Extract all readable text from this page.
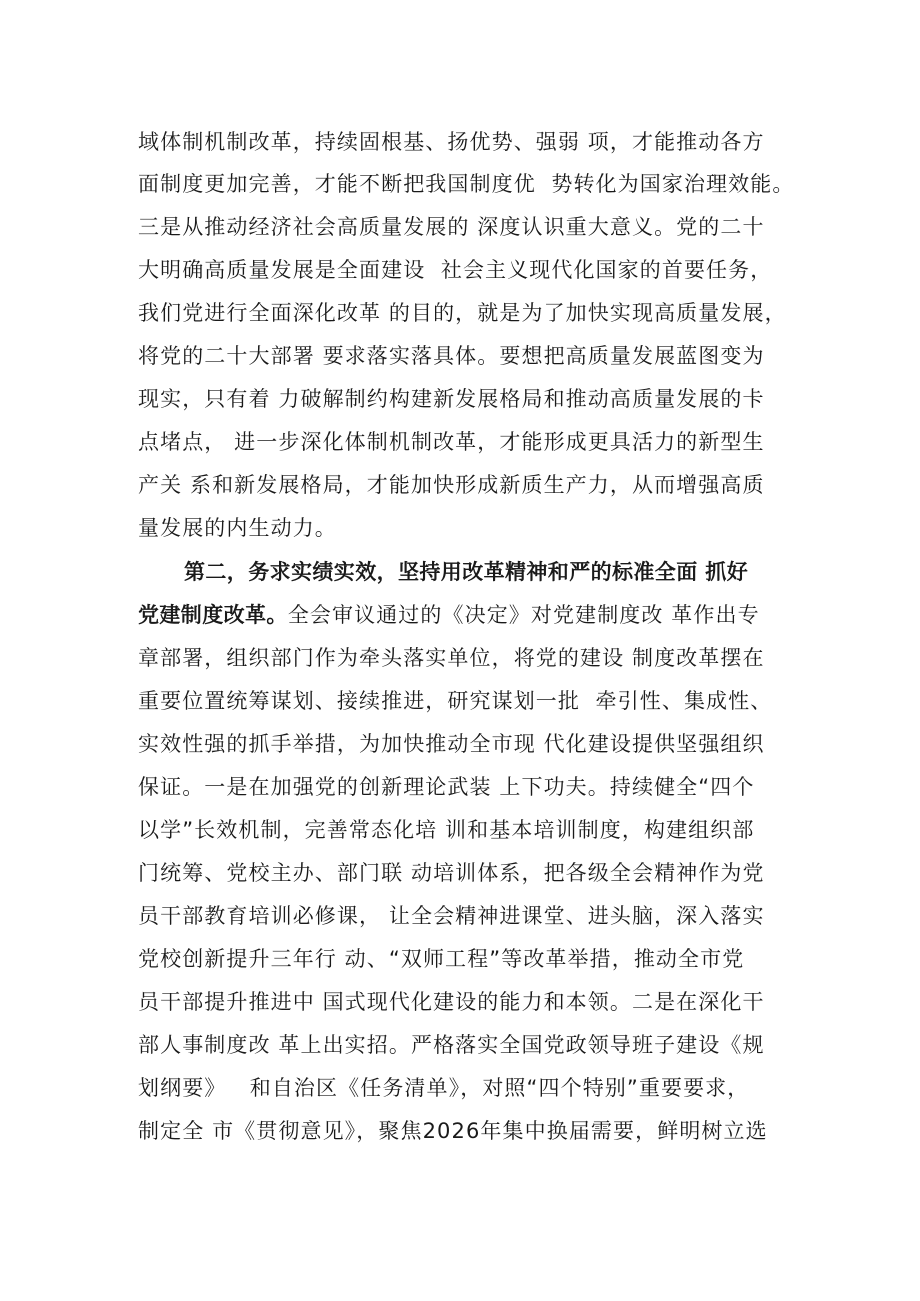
域体制机制改革，持续固根基、扬优势、强弱 项，才能推动各方
面制度更加完善，才能不断把我国制度优  势转化为国家治理效能。
三是从推动经济社会高质量发展的 深度认识重大意义。党的二十
大明确高质量发展是全面建设  社会主义现代化国家的首要任务，
我们党进行全面深化改革 的目的，就是为了加快实现高质量发展，
将党的二十大部署 要求落实落具体。要想把高质量发展蓝图变为
现实，只有着 力破解制约构建新发展格局和推动高质量发展的卡
点堵点， 进一步深化体制机制改革，才能形成更具活力的新型生
产关 系和新发展格局，才能加快形成新质生产力，从而增强高质
量发展的内生动力。
第二，务求实绩实效，坚持用改革精神和严的标准全面 抓好
党建制度改革。全会审议通过的《决定》对党建制度改 革作出专
章部署，组织部门作为牵头落实单位，将党的建设 制度改革摆在
重要位置统筹谋划、接续推进，研究谋划一批  牵引性、集成性、
实效性强的抓手举措，为加快推动全市现 代化建设提供坚强组织
保证。一是在加强党的创新理论武装 上下功夫。持续健全“四个
以学”长效机制，完善常态化培 训和基本培训制度，构建组织部
门统筹、党校主办、部门联 动培训体系，把各级全会精神作为党
员干部教育培训必修课， 让全会精神进课堂、进头脑，深入落实
党校创新提升三年行 动、“双师工程”等改革举措，推动全市党
员干部提升推进中 国式现代化建设的能力和本领。二是在深化干
部人事制度改 革上出实招。严格落实全国党政领导班子建设《规
划纲要》   和自治区《任务清单》，对照“四个特别”重要要求，
制定全 市《贯彻意见》，聚焦2026年集中换届需要，鲜明树立选
